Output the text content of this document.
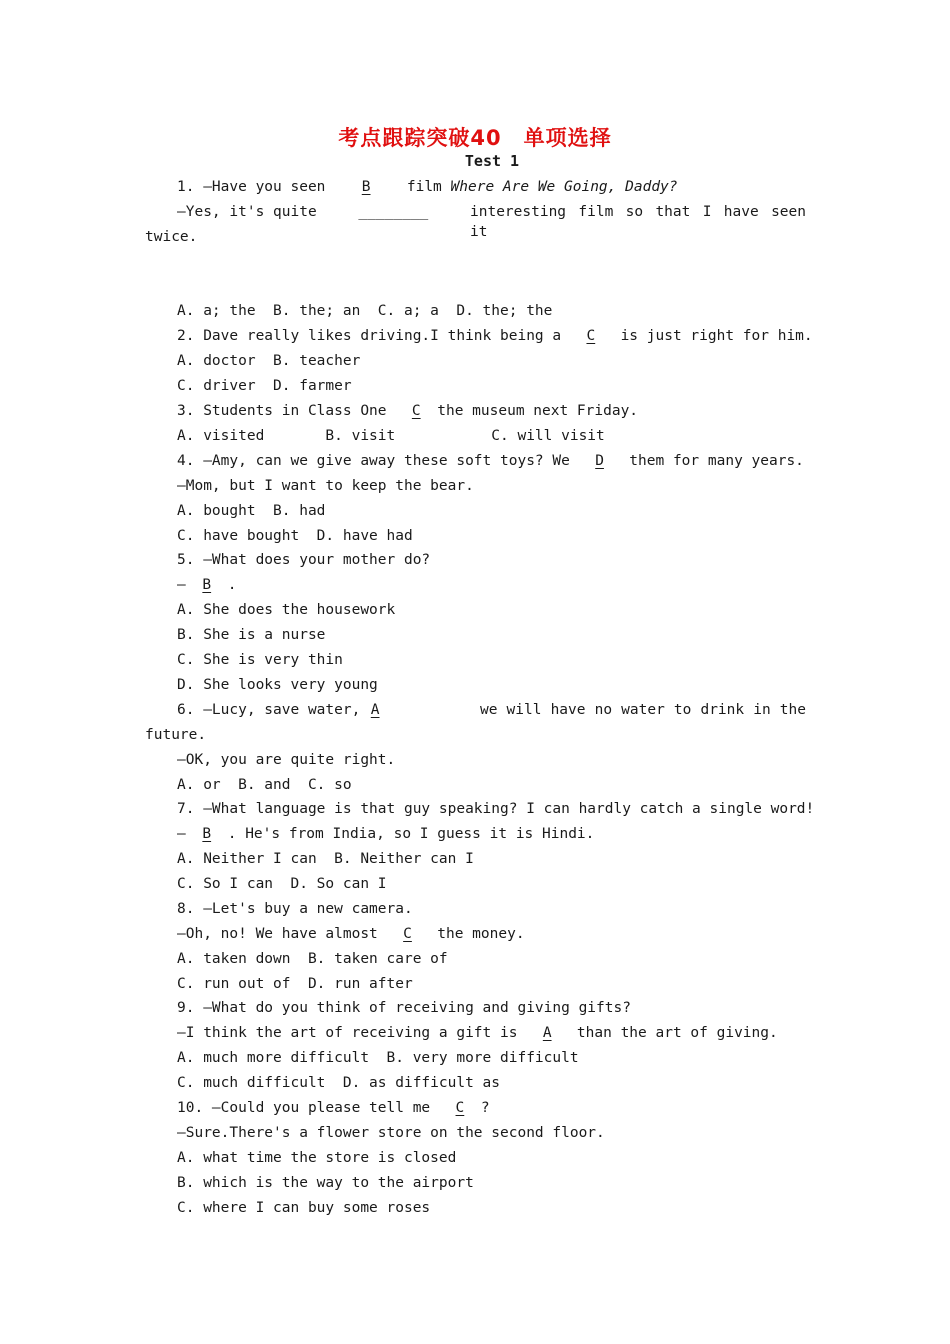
考点跟踪突破40　单项选择
Test 1
1. —Have you seen B film Where Are We Going, Daddy?
—Yes, it's quite	________	interesting film so that I have seen it
twice.
A. a; the  B. the; an  C. a; a  D. the; the
2. Dave really likes driving.I think being a C is just right for him.
A. doctor  B. teacher
C. driver  D. farmer
3. Students in Class One C the museum next Friday.
A. visited       B. visit           C. will visit
4. —Amy, can we give away these soft toys? We D them for many years.
—Mom, but I want to keep the bear.
A. bought  B. had
C. have bought  D. have had
5. —What does your mother do?
— B .
A. She does the housework
B. She is a nurse
C. She is very thin
D. She looks very young
6. —Lucy, save water, A	we will have no water to drink in the
future.
—OK, you are quite right.
A. or  B. and  C. so
7. —What language is that guy speaking? I can hardly catch a single word!
— B . He's from India, so I guess it is Hindi.
A. Neither I can  B. Neither can I
C. So I can  D. So can I
8. —Let's buy a new camera.
—Oh, no! We have almost C the money.
A. taken down  B. taken care of
C. run out of  D. run after
9. —What do you think of receiving and giving gifts?
—I think the art of receiving a gift is A than the art of giving.
A. much more difficult  B. very more difficult
C. much difficult  D. as difficult as
10. —Could you please tell me C ?
—Sure.There's a flower store on the second floor.
A. what time the store is closed
B. which is the way to the airport
C. where I can buy some roses
